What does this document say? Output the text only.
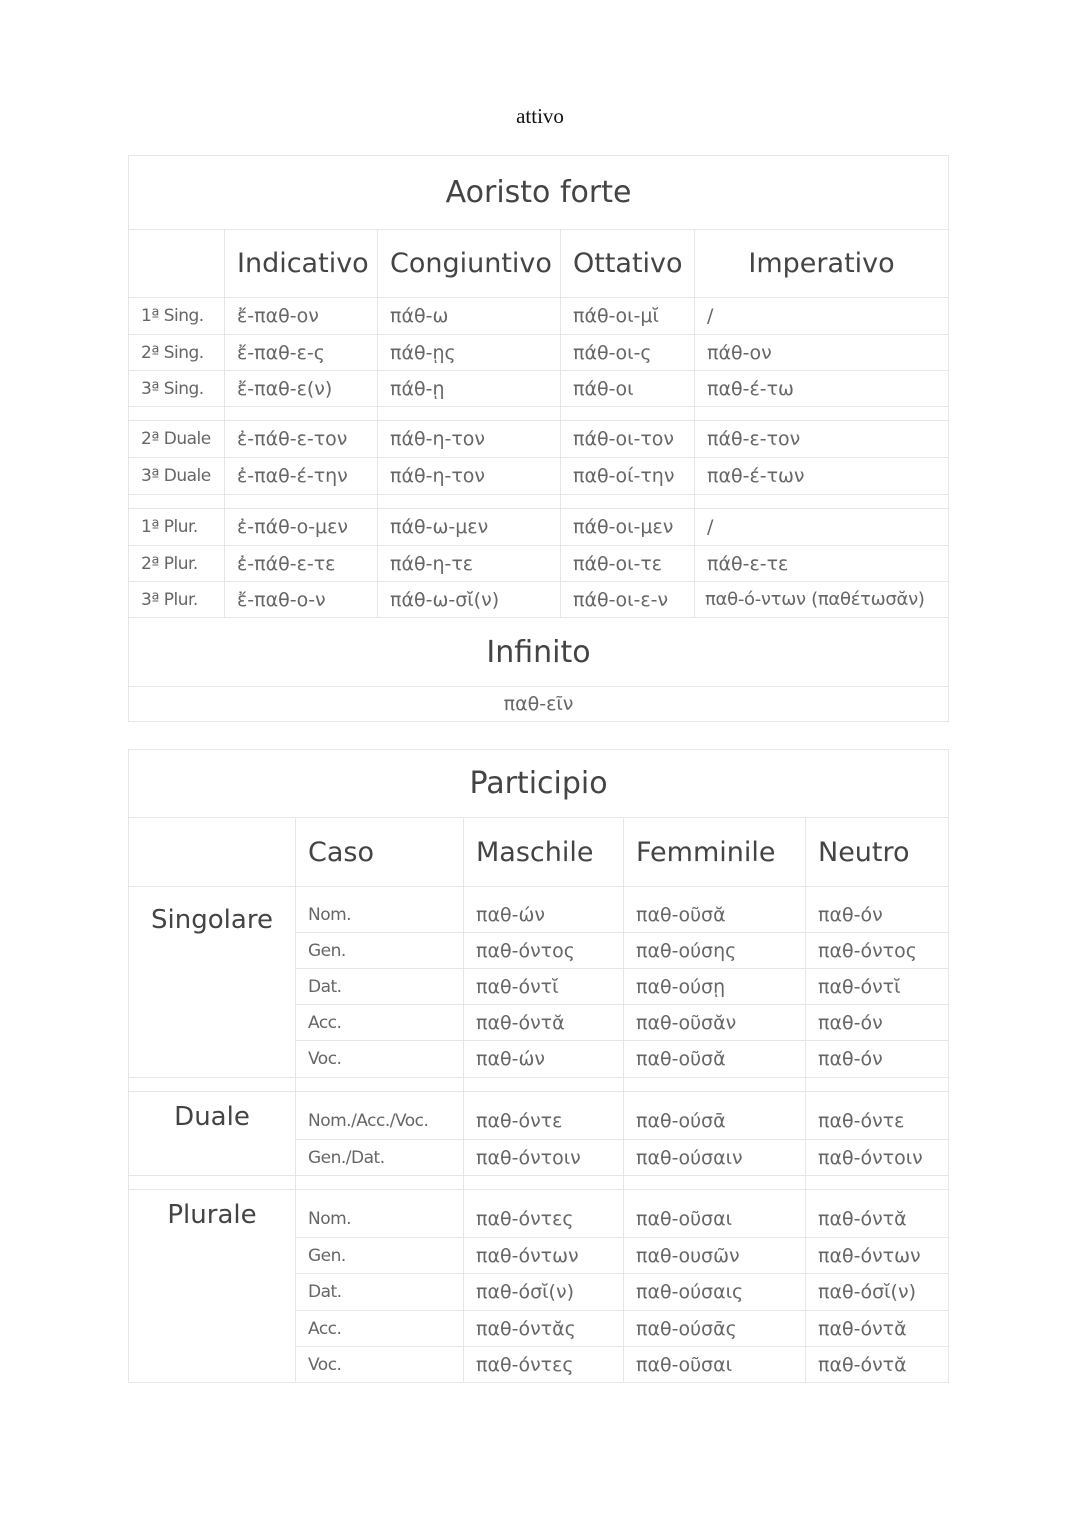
attivo
Aoristo forte				
	Indicativo	Congiuntivo	Ottativo	Imperativo
1ª Sing.	ἔ-παθ-ον	πάθ-ω	πάθ-οι-μῐ	/
2ª Sing.	ἔ-παθ-ε-ς	πάθ-ῃς	πάθ-οι-ς	πάθ-ον
3ª Sing.	ἔ-παθ-ε(ν)	πάθ-ῃ	πάθ-οι	παθ-έ-τω

2ª Duale	ἐ-πάθ-ε-τον	πάθ-η-τον	πάθ-οι-τον	πάθ-ε-τον
3ª Duale	ἐ-παθ-έ-την	πάθ-η-τον	παθ-οί-την	παθ-έ-των

1ª Plur.	ἐ-πάθ-ο-μεν	πάθ-ω-μεν	πάθ-οι-μεν	/
2ª Plur.	ἐ-πάθ-ε-τε	πάθ-η-τε	πάθ-οι-τε	πάθ-ε-τε
3ª Plur.	ἔ-παθ-ο-ν	πάθ-ω-σῐ(ν)	πάθ-οι-ε-ν	παθ-ό-ντων (παθέτωσᾰν)
Infinito				
παθ-εῖν				
Participio				
	Caso	Maschile	Femminile	Neutro
Singolare	Nom.	παθ-ών	παθ-οῦσᾰ	παθ-όν
	Gen.	παθ-όντος	παθ-ούσης	παθ-όντος
	Dat.	παθ-όντῐ	παθ-ούσῃ	παθ-όντῐ
	Acc.	παθ-όντᾰ	παθ-οῦσᾰν	παθ-όν
	Voc.	παθ-ών	παθ-οῦσᾰ	παθ-όν

Duale	Nom./Acc./Voc.	παθ-όντε	παθ-ούσᾱ	παθ-όντε
	Gen./Dat.	παθ-όντοιν	παθ-ούσαιν	παθ-όντοιν

Plurale	Nom.	παθ-όντες	παθ-οῦσαι	παθ-όντᾰ
	Gen.	παθ-όντων	παθ-ουσῶν	παθ-όντων
	Dat.	παθ-όσῐ(ν)	παθ-ούσαις	παθ-όσῐ(ν)
	Acc.	παθ-όντᾰς	παθ-ούσᾱς	παθ-όντᾰ
	Voc.	παθ-όντες	παθ-οῦσαι	παθ-όντᾰ
